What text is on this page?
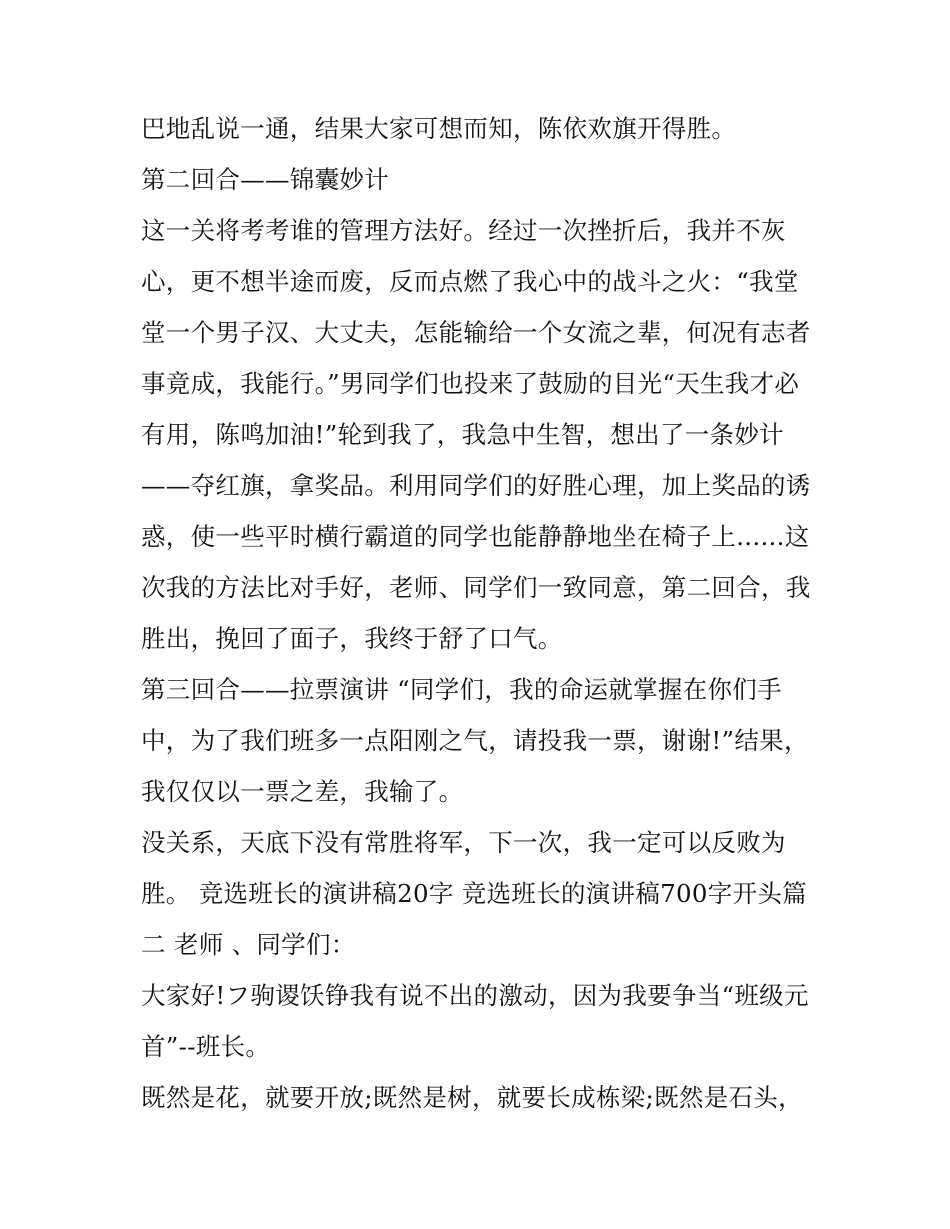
巴地乱说一通，结果大家可想而知，陈依欢旗开得胜。
第二回合——锦囊妙计
这一关将考考谁的管理方法好。经过一次挫折后，我并不灰
心，更不想半途而废，反而点燃了我心中的战斗之火：“我堂
堂一个男子汉、大丈夫，怎能输给一个女流之辈，何况有志者
事竟成，我能行。”男同学们也投来了鼓励的目光“天生我才必
有用，陈鸣加油!”轮到我了，我急中生智，想出了一条妙计
——夺红旗，拿奖品。利用同学们的好胜心理，加上奖品的诱
惑，使一些平时横行霸道的同学也能静静地坐在椅子上......这
次我的方法比对手好，老师、同学们一致同意，第二回合，我
胜出，挽回了面子，我终于舒了口气。
第三回合——拉票演讲 “同学们，我的命运就掌握在你们手
中，为了我们班多一点阳刚之气，请投我一票，谢谢!”结果，
我仅仅以一票之差，我输了。
没关系，天底下没有常胜将军，下一次，我一定可以反败为
胜。 竞选班长的演讲稿20字 竞选班长的演讲稿700字开头篇
二 老师 、同学们：
大家好!フ驹谡饫铮我有说不出的激动，因为我要争当“班级元
首”--班长。
既然是花，就要开放;既然是树，就要长成栋梁;既然是石头，
